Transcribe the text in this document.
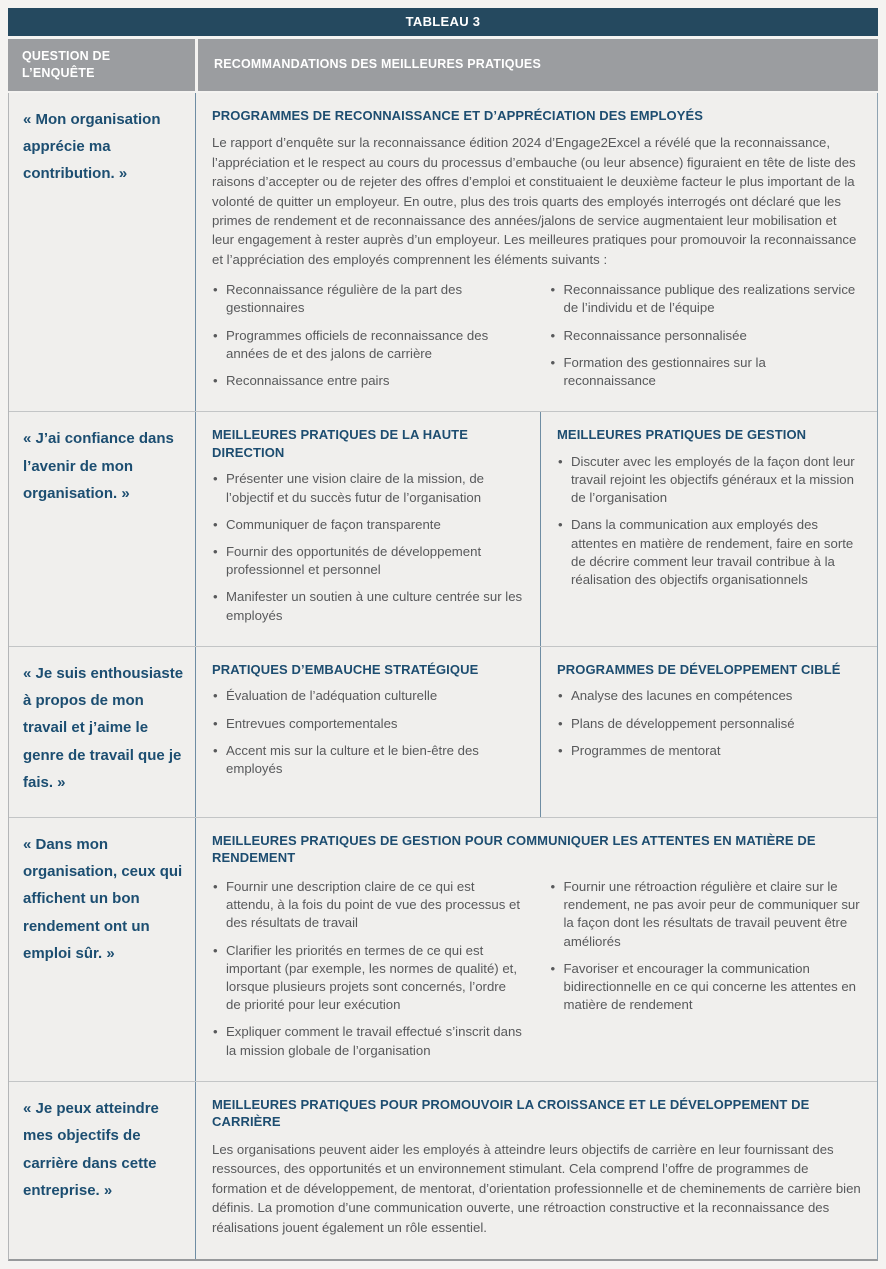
TABLEAU 3
QUESTION DE L’ENQUÊTE
RECOMMANDATIONS DES MEILLEURES PRATIQUES
« Mon organisation apprécie ma contribution. »
PROGRAMMES DE RECONNAISSANCE ET D’APPRÉCIATION DES EMPLOYÉS

Le rapport d’enquête sur la reconnaissance édition 2024 d’Engage2Excel a révélé que la reconnaissance, l’appréciation et le respect au cours du processus d’embauche (ou leur absence) figuraient en tête de liste des raisons d’accepter ou de rejeter des offres d’emploi et constituaient le deuxième facteur le plus important de la volonté de quitter un employeur. En outre, plus des trois quarts des employés interrogés ont déclaré que les primes de rendement et de reconnaissance des années/jalons de service augmentaient leur mobilisation et leur engagement à rester auprès d’un employeur. Les meilleures pratiques pour promouvoir la reconnaissance et l’appréciation des employés comprennent les éléments suivants :

• Reconnaissance régulière de la part des gestionnaires
• Programmes officiels de reconnaissance des années de et des jalons de carrière
• Reconnaissance entre pairs
• Reconnaissance publique des realizations service de l’individu et de l’équipe
• Reconnaissance personnalisée
• Formation des gestionnaires sur la reconnaissance
« J’ai confiance dans l’avenir de mon organisation. »
MEILLEURES PRATIQUES DE LA HAUTE DIRECTION
• Présenter une vision claire de la mission, de l’objectif et du succès futur de l’organisation
• Communiquer de façon transparente
• Fournir des opportunités de développement professionnel et personnel
• Manifester un soutien à une culture centrée sur les employés
MEILLEURES PRATIQUES DE GESTION
• Discuter avec les employés de la façon dont leur travail rejoint les objectifs généraux et la mission de l’organisation
• Dans la communication aux employés des attentes en matière de rendement, faire en sorte de décrire comment leur travail contribue à la réalisation des objectifs organisationnels
« Je suis enthousiaste à propos de mon travail et j’aime le genre de travail que je fais. »
PRATIQUES D’EMBAUCHE STRATÉGIQUE
• Évaluation de l’adéquation culturelle
• Entrevues comportementales
• Accent mis sur la culture et le bien-être des employés
PROGRAMMES DE DÉVELOPPEMENT CIBLÉ
• Analyse des lacunes en compétences
• Plans de développement personnalisé
• Programmes de mentorat
« Dans mon organisation, ceux qui affichent un bon rendement ont un emploi sûr. »
MEILLEURES PRATIQUES DE GESTION POUR COMMUNIQUER LES ATTENTES EN MATIÈRE DE RENDEMENT
• Fournir une description claire de ce qui est attendu, à la fois du point de vue des processus et des résultats de travail
• Clarifier les priorités en termes de ce qui est important (par exemple, les normes de qualité) et, lorsque plusieurs projets sont concernés, l’ordre de priorité pour leur exécution
• Expliquer comment le travail effectué s’inscrit dans la mission globale de l’organisation
• Fournir une rétroaction régulière et claire sur le rendement, ne pas avoir peur de communiquer sur la façon dont les résultats de travail peuvent être améliorés
• Favoriser et encourager la communication bidirectionnelle en ce qui concerne les attentes en matière de rendement
« Je peux atteindre mes objectifs de carrière dans cette entreprise. »
MEILLEURES PRATIQUES POUR PROMOUVOIR LA CROISSANCE ET LE DÉVELOPPEMENT DE CARRIÈRE

Les organisations peuvent aider les employés à atteindre leurs objectifs de carrière en leur fournissant des ressources, des opportunités et un environnement stimulant. Cela comprend l’offre de programmes de formation et de développement, de mentorat, d’orientation professionnelle et de cheminements de carrière bien définis. La promotion d’une communication ouverte, une rétroaction constructive et la reconnaissance des réalisations jouent également un rôle essentiel.
